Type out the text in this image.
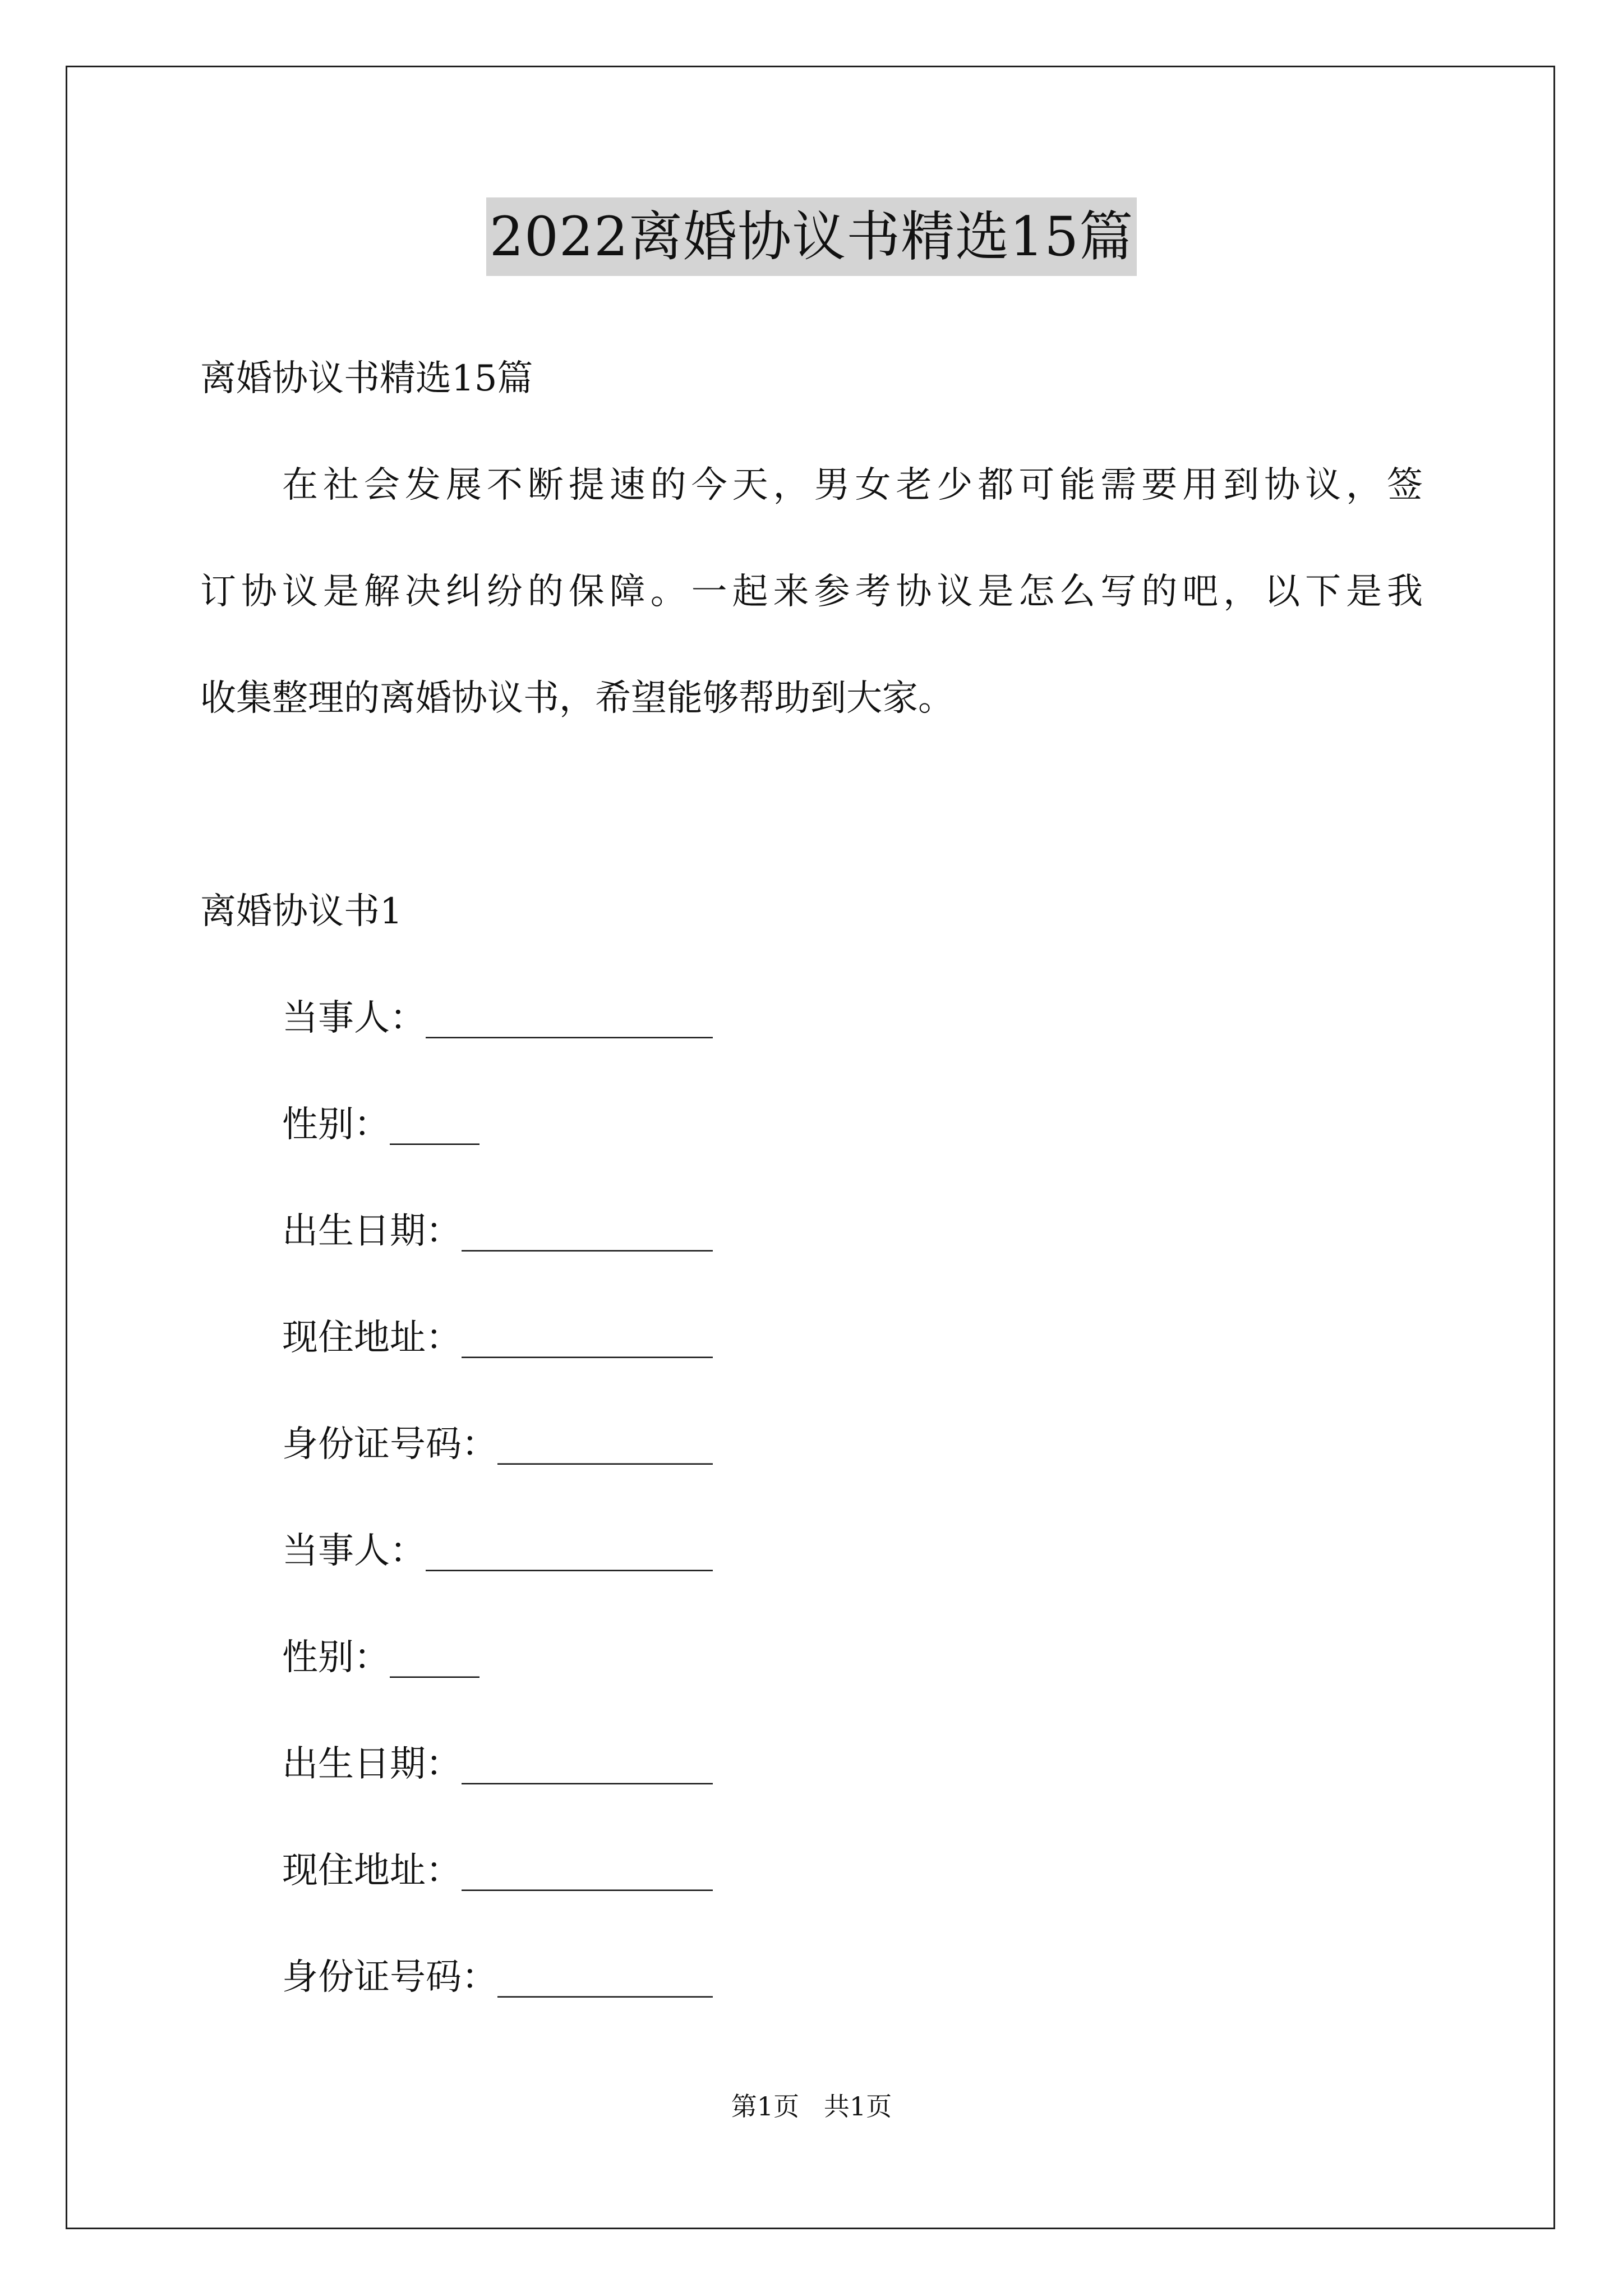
2022离婚协议书精选15篇
离婚协议书精选15篇
在社会发展不断提速的今天，男女老少都可能需要用到协议，签
订协议是解决纠纷的保障。一起来参考协议是怎么写的吧，以下是我
收集整理的离婚协议书，希望能够帮助到大家。
离婚协议书1
当事人：________________
性别：_____
出生日期：______________
现住地址：______________
身份证号码：____________
当事人：________________
性别：_____
出生日期：______________
现住地址：______________
身份证号码：____________
第1页   共1页
